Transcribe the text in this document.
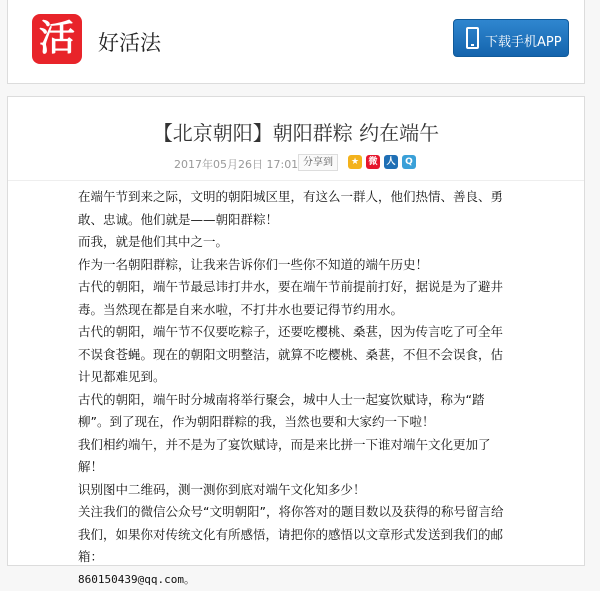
活	好活法	下载手机APP
【北京朝阳】朝阳群粽 约在端午
2017年05月26日 17:01 分享到	★	微 人	Q

在端午节到来之际，文明的朝阳城区里，有这么一群人，他们热情、善良、勇敢、忠诚。他们就是——朝阳群粽！

而我，就是他们其中之一。

作为一名朝阳群粽，让我来告诉你们一些你不知道的端午历史！

古代的朝阳，端午节最忌讳打井水，要在端午节前提前打好，据说是为了避井毒。当然现在都是自来水啦，不打井水也要记得节约用水。

古代的朝阳，端午节不仅要吃粽子，还要吃樱桃、桑葚，因为传言吃了可全年不误食苍蝇。现在的朝阳文明整洁，就算不吃樱桃、桑葚，不但不会误食，估计见都难见到。

古代的朝阳，端午时分城南将举行聚会，城中人士一起宴饮赋诗，称为“踏柳”。到了现在，作为朝阳群粽的我，当然也要和大家约一下啦！

我们相约端午，并不是为了宴饮赋诗，而是来比拼一下谁对端午文化更加了解！

识别图中二维码，测一测你到底对端午文化知多少！

关注我们的微信公众号“文明朝阳”，将你答对的题目数以及获得的称号留言给我们，如果你对传统文化有所感悟，请把你的感悟以文章形式发送到我们的邮箱：

860150439@qq.com。
